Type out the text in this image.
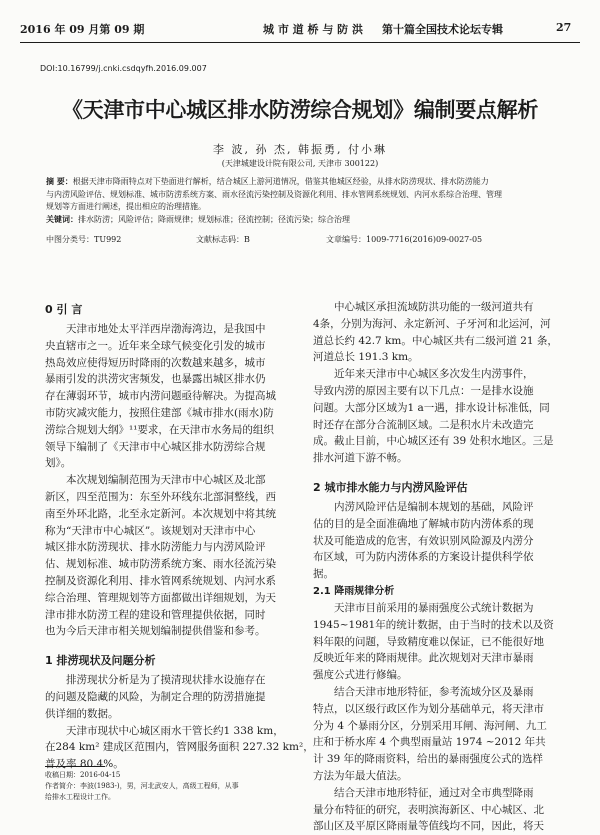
2016 年 09 月第 09 期	城 市 道 桥 与 防 洪 第十篇全国技术论坛专辑	27
DOI:10.16799/j.cnki.csdqyfh.2016.09.007
《天津市中心城区排水防涝综合规划》编制要点解析
李 波, 孙 杰, 韩振勇, 付小琳
(天津城建设计院有限公司, 天津市 300122)
摘 要：根据天津市降雨特点对下垫面进行解析，结合城区上游河道情况，借鉴其他城区经验，从排水防涝现状、排水防涝能力
与内涝风险评估、规划标准、城市防涝系统方案、雨水径流污染控制及资源化利用、排水管网系统规划、内河水系综合治理、管理
规划等方面进行阐述，提出相应的治理措施。
关键词：排水防涝；风险评估；降雨规律；规划标准；径流控制；径流污染；综合治理
中图分类号：TU992	文献标志码：B	文章编号：1009-7716(2016)09-0027-05
0 引 言
天津市地处太平洋西岸渤海湾边，是我国中
央直辖市之一。近年来全球气候变化引发的城市
热岛效应使得短历时降雨的次数越来越多，城市
暴雨引发的洪涝灾害频发，也暴露出城区排水仍
存在薄弱环节，城市内涝问题亟待解决。为提高城
市防灾减灾能力，按照住建部《城市排水(雨水)防
涝综合规划大纲》¹¹要求，在天津市水务局的组织
领导下编制了《天津市中心城区排水防涝综合规
划》。
本次规划编制范围为天津市中心城区及北部
新区，四至范围为：东至外环线东北部洞整线，西
南至外环北路，北至永定新河。本次规划中将其统
称为“天津市中心城区”。该规划对天津市中心
城区排水防涝现状、排水防涝能力与内涝风险评
估、规划标准、城市防涝系统方案、雨水径流污染
控制及资源化利用、排水管网系统规划、内河水系
综合治理、管理规划等方面都做出详细规划，为天
津市排水防涝工程的建设和管理提供依据，同时
也为今后天津市相关规划编制提供借鉴和参考。
1 排涝现状及问题分析
排涝现状分析是为了摸清现状排水设施存在
的问题及隐藏的风险，为制定合理的防涝措施提
供详细的数据。
天津市现状中心城区雨水干管长约1 338 km，
在284 km² 建成区范围内，管网服务面积 227.32 km²，
普及率 80.4%。
中心城区承担流域防洪功能的一级河道共有
4条，分别为海河、永定新河、子牙河和北运河，河
道总长约 42.7 km。中心城区共有二级河道 21 条，
河道总长 191.3 km。
近年来天津市中心城区多次发生内涝事件，
导致内涝的原因主要有以下几点：一是排水设施
问题。大部分区域为1 a一遇，排水设计标准低，同
时还存在部分合流制区域。二是积水片未改造完
成。截止目前，中心城区还有 39 处积水地区。三是
排水河道下游不畅。
2 城市排水能力与内涝风险评估
内涝风险评估是编制本规划的基础，风险评
估的目的是全面准确地了解城市防内涝体系的现
状及可能造成的危害，有效识别风险源及内涝分
布区域，可为防内涝体系的方案设计提供科学依
据。
2.1 降雨规律分析
天津市目前采用的暴雨强度公式统计数据为
1945~1981年的统计数据，由于当时的技术以及资
料年限的问题，导致精度难以保证，已不能很好地
反映近年来的降雨规律。此次规划对天津市暴雨
强度公式进行修编。
结合天津市地形特征，参考流域分区及暴雨
特点，以区级行政区作为划分基础单元，将天津市
分为 4 个暴雨分区，分别采用耳闸、海河闸、九工
庄和于桥水库 4 个典型雨量站 1974 ~2012 年共
计 39 年的降雨资料，给出的暴雨强度公式的选样
方法为年最大值法。
结合天津市地形特征，通过对全市典型降雨
量分布特征的研究，表明滨海新区、中心城区、北
部山区及平原区降雨量等值线均不同，因此，将天
收稿日期：2016-04-15
作者简介：李波(1983-)，男，河北武安人，高级工程师，从事
给排水工程设计工作。
